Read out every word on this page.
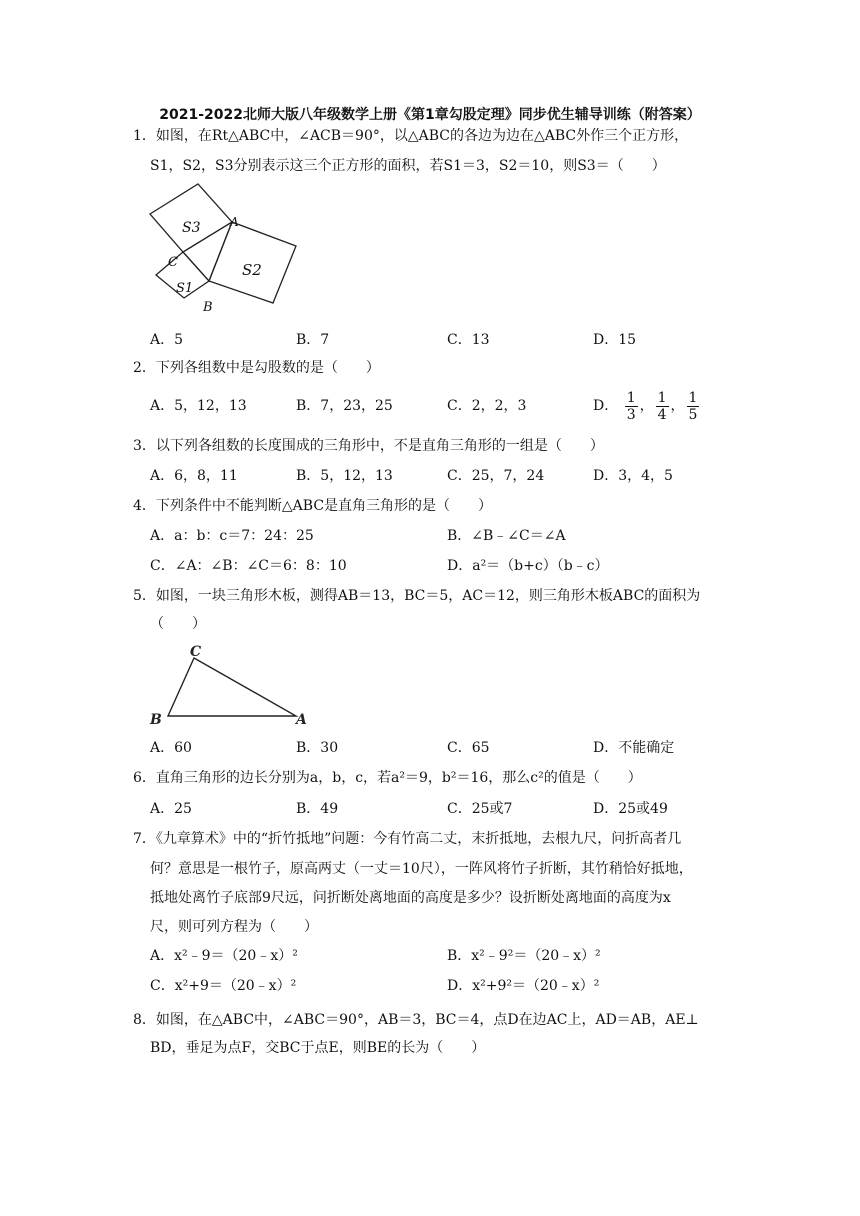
2021-2022北师大版八年级数学上册《第1章勾股定理》同步优生辅导训练（附答案）
1．如图，在Rt△ABC中，∠ACB＝90°，以△ABC的各边为边在△ABC外作三个正方形，
S1，S2，S3分别表示这三个正方形的面积，若S1＝3，S2＝10，则S3＝（　　）
S3
S2
S1
A
C
B
A．5	B．7	C．13	D．15
2．下列各组数中是勾股数的是（　　）
A．5，12，13	B．7，23，25	C．2，2，3	D． $\frac{1}{3}$ ， $\frac{1}{4}$ ， $\frac{1}{5}$
3．以下列各组数的长度围成的三角形中，不是直角三角形的一组是（　　）
A．6，8，11	B．5，12，13	C．25，7，24	D．3，4，5
4．下列条件中不能判断△ABC是直角三角形的是（　　）
A．a：b：c＝7：24：25	B．∠B﹣∠C＝∠A
C．∠A：∠B：∠C＝6：8：10	D．a²＝（b+c）（b﹣c）
5．如图，一块三角形木板，测得AB＝13，BC＝5，AC＝12，则三角形木板ABC的面积为
（　　）
C
B	A
A．60	B．30	C．65	D．不能确定
6．直角三角形的边长分别为a，b，c，若a²＝9，b²＝16，那么c²的值是（　　）
A．25	B．49	C．25或7	D．25或49
7．《九章算术》中的“折竹抵地”问题：今有竹高二丈，末折抵地，去根九尺，问折高者几
何？意思是一根竹子，原高两丈（一丈＝10尺），一阵风将竹子折断，其竹稍恰好抵地，
抵地处离竹子底部9尺远，问折断处离地面的高度是多少？设折断处离地面的高度为x
尺，则可列方程为（　　）
A．x²﹣9＝（20﹣x）²	B．x²﹣9²＝（20﹣x）²
C．x²+9＝（20﹣x）²	D．x²+9²＝（20﹣x）²
8．如图，在△ABC中，∠ABC＝90°，AB＝3，BC＝4，点D在边AC上，AD＝AB，AE⊥
BD，垂足为点F，交BC于点E，则BE的长为（　　）
